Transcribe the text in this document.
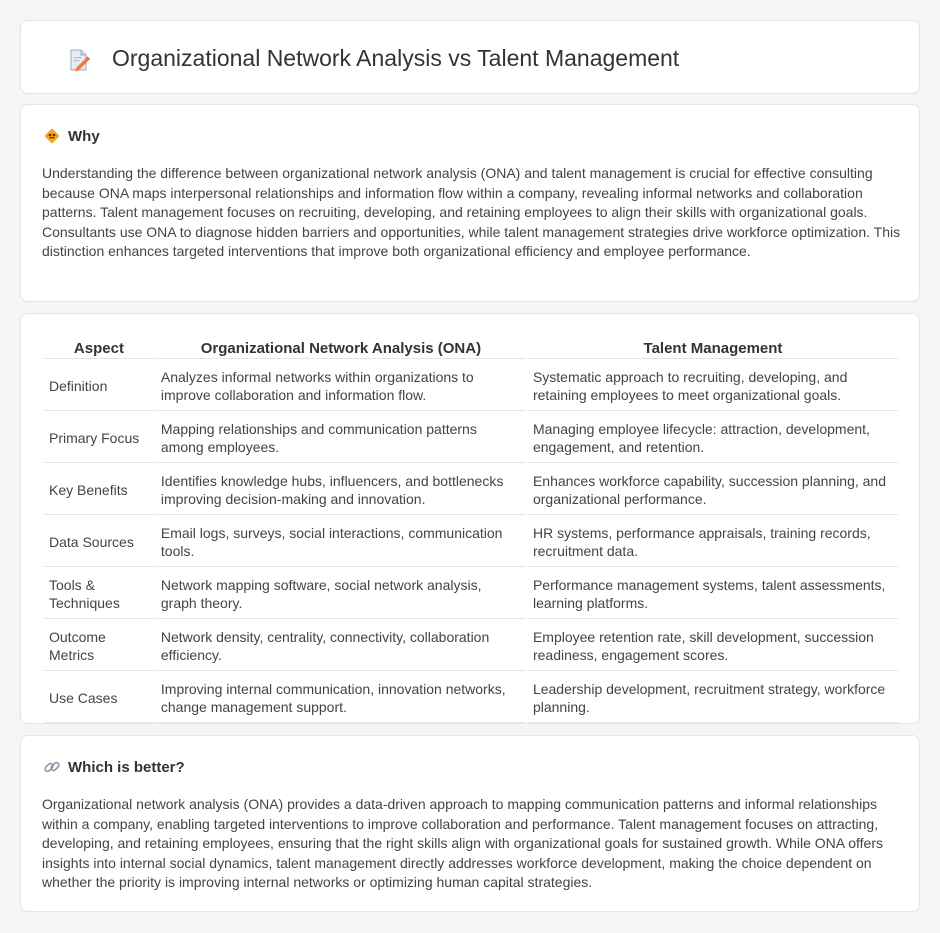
Organizational Network Analysis vs Talent Management
Why

Understanding the difference between organizational network analysis (ONA) and talent management is crucial for effective consulting because ONA maps interpersonal relationships and information flow within a company, revealing informal networks and collaboration patterns. Talent management focuses on recruiting, developing, and retaining employees to align their skills with organizational goals. Consultants use ONA to diagnose hidden barriers and opportunities, while talent management strategies drive workforce optimization. This distinction enhances targeted interventions that improve both organizational efficiency and employee performance.

Aspect	Organizational Network Analysis (ONA)	Talent Management
Definition	Analyzes informal networks within organizations to improve collaboration and information flow.	Systematic approach to recruiting, developing, and retaining employees to meet organizational goals.
Primary Focus	Mapping relationships and communication patterns among employees.	Managing employee lifecycle: attraction, development, engagement, and retention.
Key Benefits	Identifies knowledge hubs, influencers, and bottlenecks improving decision-making and innovation.	Enhances workforce capability, succession planning, and organizational performance.
Data Sources	Email logs, surveys, social interactions, communication tools.	HR systems, performance appraisals, training records, recruitment data.
Tools & Techniques	Network mapping software, social network analysis, graph theory.	Performance management systems, talent assessments, learning platforms.
Outcome Metrics	Network density, centrality, connectivity, collaboration efficiency.	Employee retention rate, skill development, succession readiness, engagement scores.
Use Cases	Improving internal communication, innovation networks, change management support.	Leadership development, recruitment strategy, workforce planning.
Which is better?

Organizational network analysis (ONA) provides a data-driven approach to mapping communication patterns and informal relationships within a company, enabling targeted interventions to improve collaboration and performance. Talent management focuses on attracting, developing, and retaining employees, ensuring that the right skills align with organizational goals for sustained growth. While ONA offers insights into internal social dynamics, talent management directly addresses workforce development, making the choice dependent on whether the priority is improving internal networks or optimizing human capital strategies.
